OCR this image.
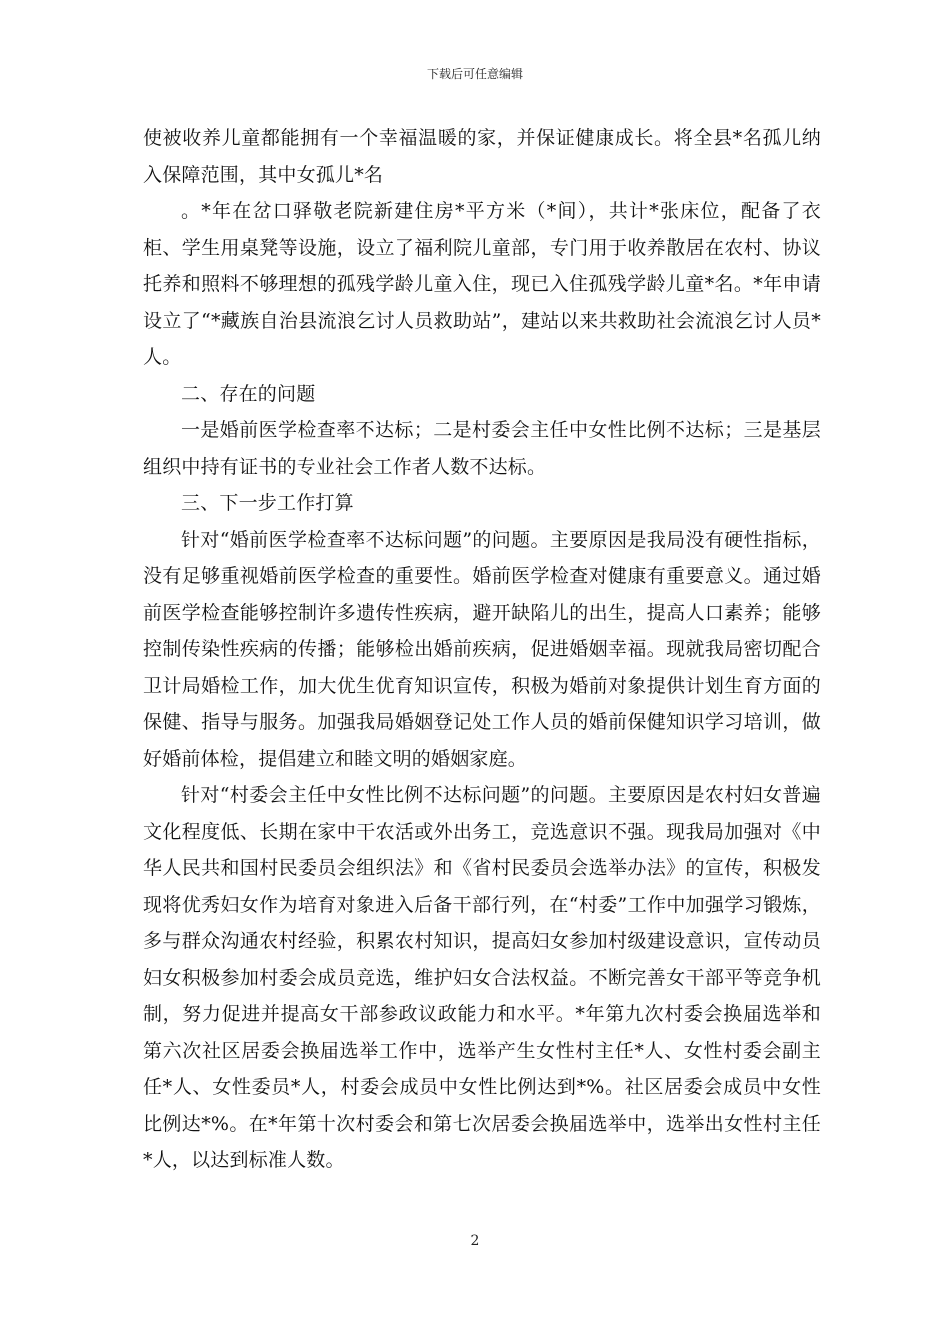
下载后可任意编辑

使被收养儿童都能拥有一个幸福温暖的家，并保证健康成长。将全县*名孤儿纳入保障范围，其中女孤儿*名

。*年在岔口驿敬老院新建住房*平方米（*间），共计*张床位，配备了衣柜、学生用桌凳等设施，设立了福利院儿童部，专门用于收养散居在农村、协议托养和照料不够理想的孤残学龄儿童入住，现已入住孤残学龄儿童*名。*年申请设立了“*藏族自治县流浪乞讨人员救助站”，建站以来共救助社会流浪乞讨人员*人。

二、存在的问题

一是婚前医学检查率不达标；二是村委会主任中女性比例不达标；三是基层组织中持有证书的专业社会工作者人数不达标。

三、下一步工作打算

针对“婚前医学检查率不达标问题”的问题。主要原因是我局没有硬性指标，没有足够重视婚前医学检查的重要性。婚前医学检查对健康有重要意义。通过婚前医学检查能够控制许多遗传性疾病，避开缺陷儿的出生，提高人口素养；能够控制传染性疾病的传播；能够检出婚前疾病，促进婚姻幸福。现就我局密切配合卫计局婚检工作，加大优生优育知识宣传，积极为婚前对象提供计划生育方面的保健、指导与服务。加强我局婚姻登记处工作人员的婚前保健知识学习培训，做好婚前体检，提倡建立和睦文明的婚姻家庭。

针对“村委会主任中女性比例不达标问题”的问题。主要原因是农村妇女普遍文化程度低、长期在家中干农活或外出务工，竞选意识不强。现我局加强对《中华人民共和国村民委员会组织法》和《省村民委员会选举办法》的宣传，积极发现将优秀妇女作为培育对象进入后备干部行列，在“村委”工作中加强学习锻炼，多与群众沟通农村经验，积累农村知识，提高妇女参加村级建设意识，宣传动员妇女积极参加村委会成员竞选，维护妇女合法权益。不断完善女干部平等竞争机制，努力促进并提高女干部参政议政能力和水平。*年第九次村委会换届选举和第六次社区居委会换届选举工作中，选举产生女性村主任*人、女性村委会副主任*人、女性委员*人，村委会成员中女性比例达到*%。社区居委会成员中女性比例达*%。在*年第十次村委会和第七次居委会换届选举中，选举出女性村主任*人，以达到标准人数。

2
